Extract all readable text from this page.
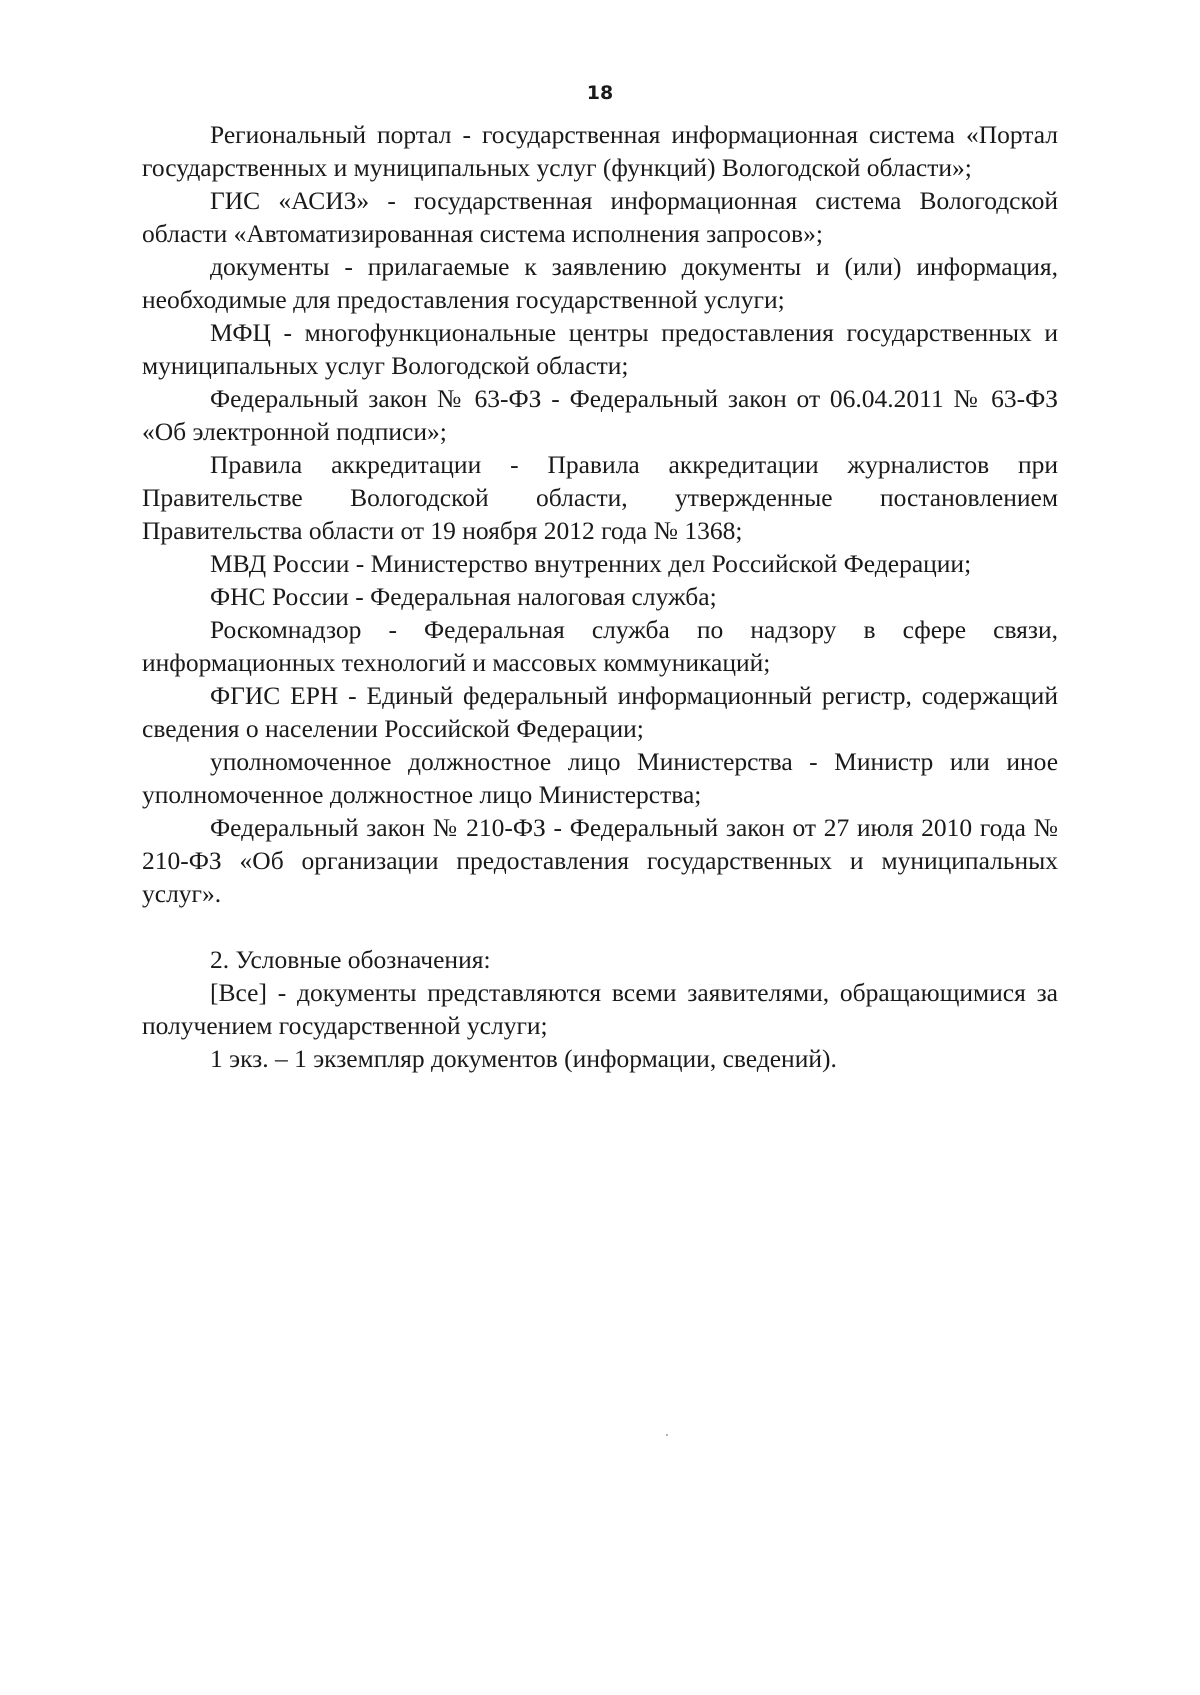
18

Региональный портал - государственная информационная система «Портал государственных и муниципальных услуг (функций) Вологодской области»;

ГИС «АСИЗ» - государственная информационная система Вологодской области «Автоматизированная система исполнения запросов»;

документы - прилагаемые к заявлению документы и (или) информация, необходимые для предоставления государственной услуги;

МФЦ - многофункциональные центры предоставления государственных и муниципальных услуг Вологодской области;

Федеральный закон № 63-ФЗ - Федеральный закон от 06.04.2011 № 63-ФЗ «Об электронной подписи»;

Правила аккредитации - Правила аккредитации журналистов при Правительстве Вологодской области, утвержденные постановлением Правительства области от 19 ноября 2012 года № 1368;

МВД России - Министерство внутренних дел Российской Федерации;

ФНС России - Федеральная налоговая служба;

Роскомнадзор - Федеральная служба по надзору в сфере связи, информационных технологий и массовых коммуникаций;

ФГИС ЕРН - Единый федеральный информационный регистр, содержащий сведения о населении Российской Федерации;

уполномоченное должностное лицо Министерства - Министр или иное уполномоченное должностное лицо Министерства;

Федеральный закон № 210-ФЗ - Федеральный закон от 27 июля 2010 года № 210-ФЗ «Об организации предоставления государственных и муниципальных услуг».

2. Условные обозначения:

[Все] - документы представляются всеми заявителями, обращающимися за получением государственной услуги;

1 экз. – 1 экземпляр документов (информации, сведений).
